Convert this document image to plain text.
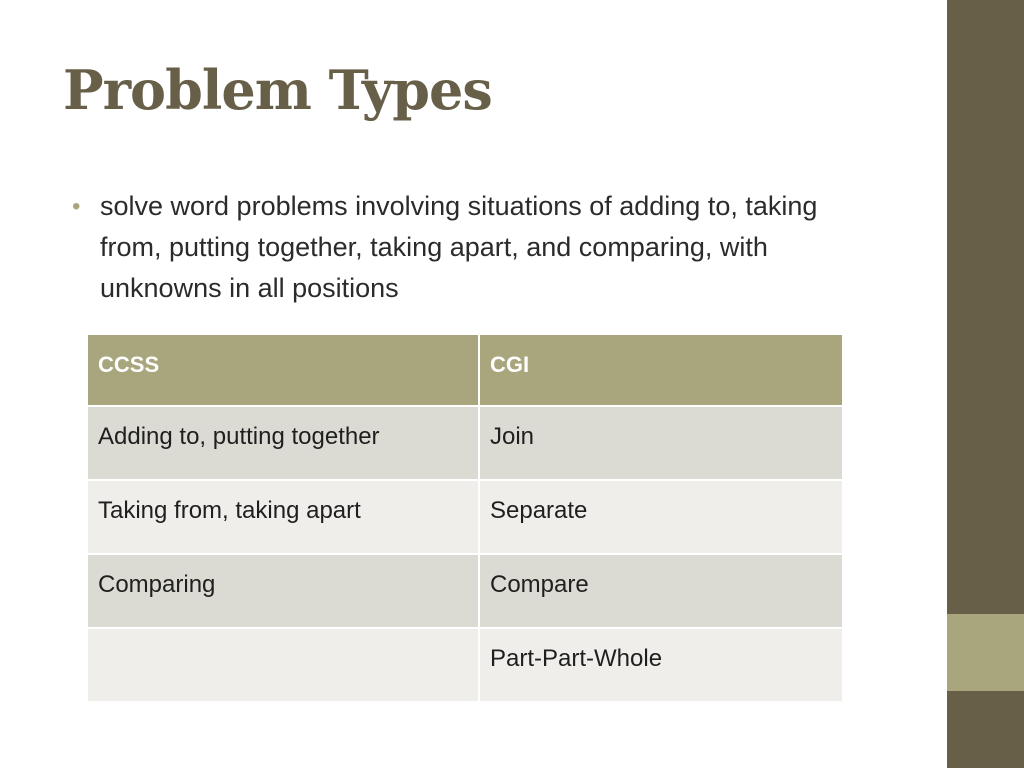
Problem Types
• solve word problems involving situations of adding to, taking from, putting together, taking apart, and comparing, with unknowns in all positions
CCSS	CGI
Adding to, putting together	Join
Taking from, taking apart	Separate
Comparing	Compare
	Part-Part-Whole
